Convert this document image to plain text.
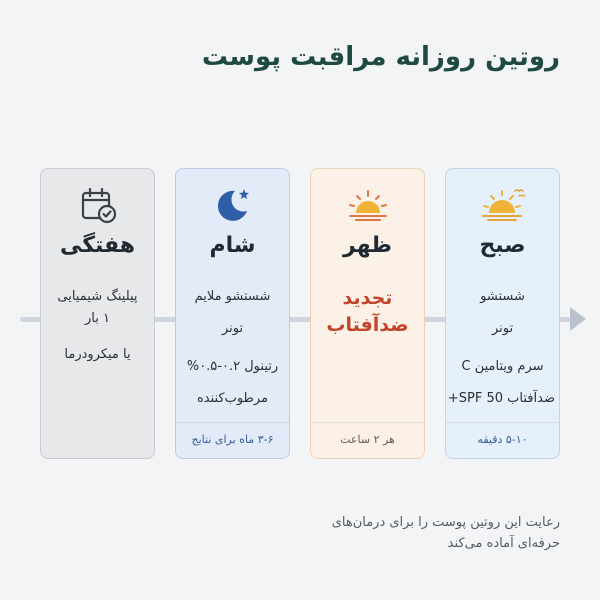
روتین روزانه مراقبت پوست
هفتگی
پیلینگ شیمیایی
۱ بار
یا میکرودرما
شام
شستشو ملایم
تونر
رتینول ۰.۲-۰.۵%
مرطوب‌کننده
۳-۶ ماه برای نتایج
ظهر
تجدید
ضدآفتاب
هر ۲ ساعت
صبح
شستشو
تونر
سرم ویتامین C
ضدآفتاب SPF 50+
۵-۱۰ دقیقه
رعایت این روتین پوست را برای درمان‌های
حرفه‌ای آماده می‌کند
